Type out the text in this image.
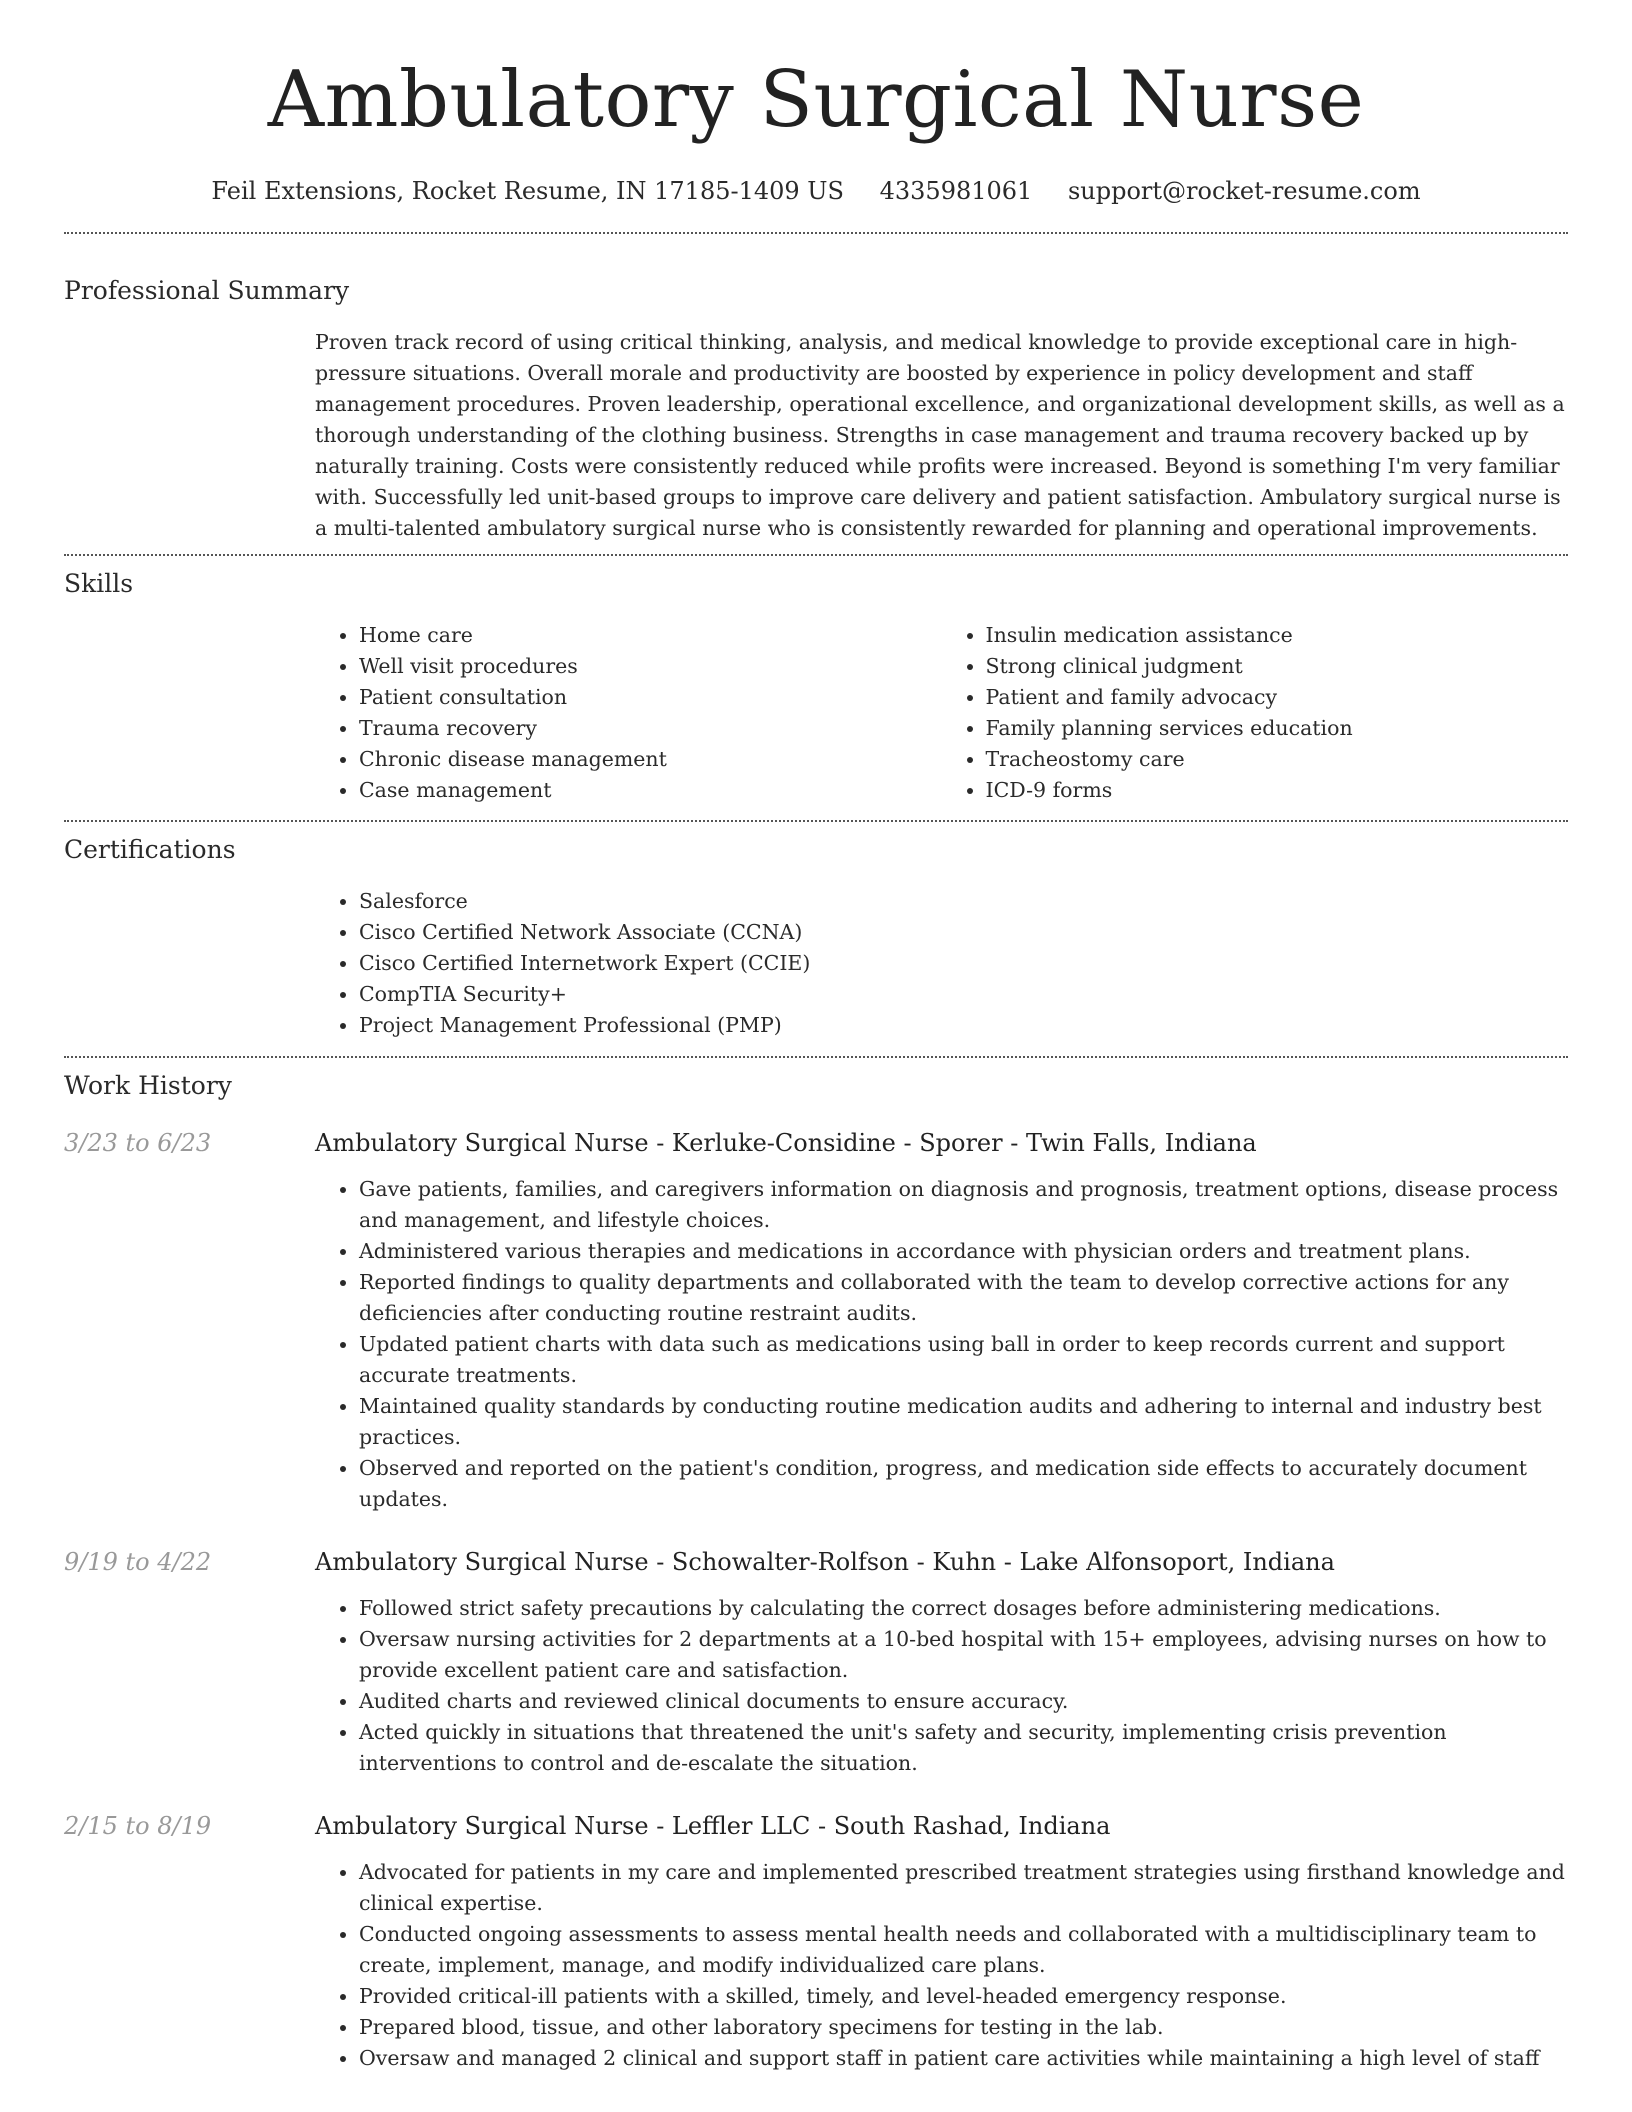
Ambulatory Surgical Nurse
Feil Extensions, Rocket Resume, IN 17185-1409 US 4335981061 support@rocket-resume.com
Professional Summary

Proven track record of using critical thinking, analysis, and medical knowledge to provide exceptional care in high-pressure situations. Overall morale and productivity are boosted by experience in policy development and staff management procedures. Proven leadership, operational excellence, and organizational development skills, as well as a thorough understanding of the clothing business. Strengths in case management and trauma recovery backed up by naturally training. Costs were consistently reduced while profits were increased. Beyond is something I'm very familiar with. Successfully led unit-based groups to improve care delivery and patient satisfaction. Ambulatory surgical nurse is a multi-talented ambulatory surgical nurse who is consistently rewarded for planning and operational improvements.

Skills
• Home care
• Well visit procedures
• Patient consultation
• Trauma recovery
• Chronic disease management
• Case management
• Insulin medication assistance
• Strong clinical judgment
• Patient and family advocacy
• Family planning services education
• Tracheostomy care
• ICD-9 forms
Certifications
• Salesforce
• Cisco Certified Network Associate (CCNA)
• Cisco Certified Internetwork Expert (CCIE)
• CompTIA Security+
• Project Management Professional (PMP)
Work History
3/23 to 6/23	Ambulatory Surgical Nurse - Kerluke-Considine - Sporer - Twin Falls, Indiana
• Gave patients, families, and caregivers information on diagnosis and prognosis, treatment options, disease process and management, and lifestyle choices.
• Administered various therapies and medications in accordance with physician orders and treatment plans.
• Reported findings to quality departments and collaborated with the team to develop corrective actions for any deficiencies after conducting routine restraint audits.
• Updated patient charts with data such as medications using ball in order to keep records current and support accurate treatments.
• Maintained quality standards by conducting routine medication audits and adhering to internal and industry best practices.
• Observed and reported on the patient's condition, progress, and medication side effects to accurately document updates.
9/19 to 4/22	Ambulatory Surgical Nurse - Schowalter-Rolfson - Kuhn - Lake Alfonsoport, Indiana
• Followed strict safety precautions by calculating the correct dosages before administering medications.
• Oversaw nursing activities for 2 departments at a 10-bed hospital with 15+ employees, advising nurses on how to provide excellent patient care and satisfaction.
• Audited charts and reviewed clinical documents to ensure accuracy.
• Acted quickly in situations that threatened the unit's safety and security, implementing crisis prevention interventions to control and de-escalate the situation.
2/15 to 8/19	Ambulatory Surgical Nurse - Leffler LLC - South Rashad, Indiana
• Advocated for patients in my care and implemented prescribed treatment strategies using firsthand knowledge and clinical expertise.
• Conducted ongoing assessments to assess mental health needs and collaborated with a multidisciplinary team to create, implement, manage, and modify individualized care plans.
• Provided critical-ill patients with a skilled, timely, and level-headed emergency response.
• Prepared blood, tissue, and other laboratory specimens for testing in the lab.
• Oversaw and managed 2 clinical and support staff in patient care activities while maintaining a high level of staff
